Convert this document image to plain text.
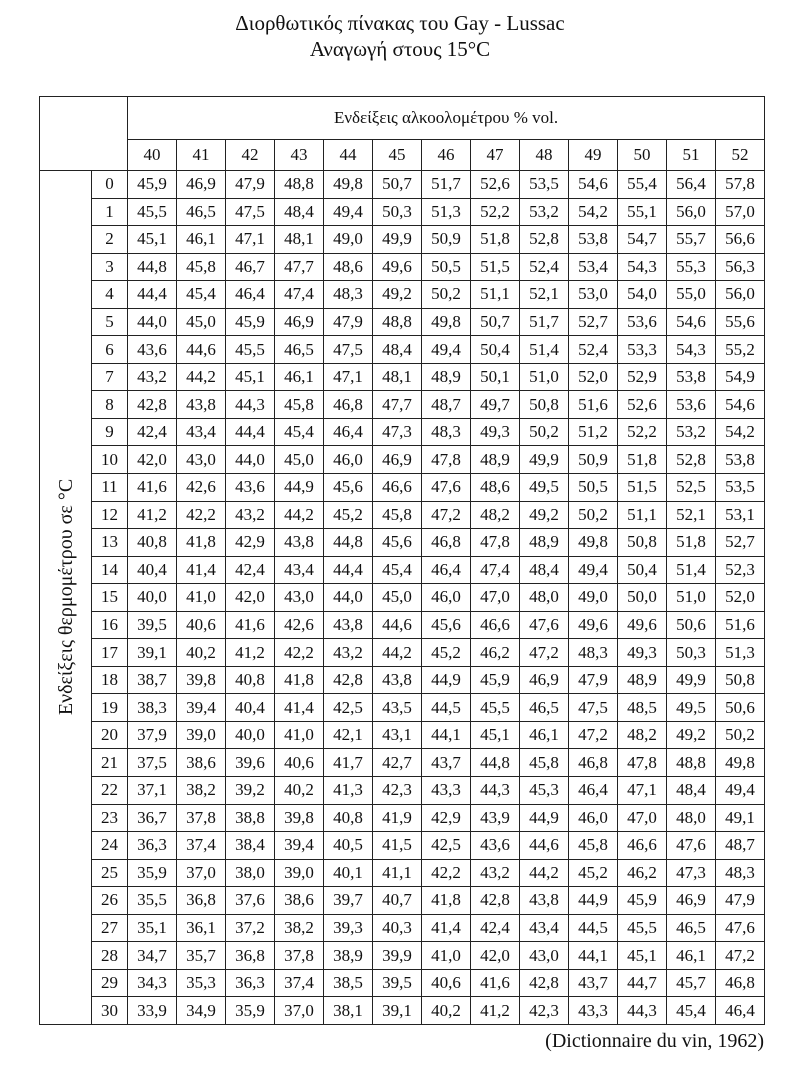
Διορθωτικός πίνακας του Gay - Lussac
Αναγωγή στους 15°C
		Ενδείξεις αλκοολομέτρου % vol.												
		40	41	42	43	44	45	46	47	48	49	50	51	52

Ενδείξεις θερμομέτρου σε °C	0	45,9	46,9	47,9	48,8	49,8	50,7	51,7	52,6	53,5	54,6	55,4	56,4	57,8
	1	45,5	46,5	47,5	48,4	49,4	50,3	51,3	52,2	53,2	54,2	55,1	56,0	57,0
	2	45,1	46,1	47,1	48,1	49,0	49,9	50,9	51,8	52,8	53,8	54,7	55,7	56,6
	3	44,8	45,8	46,7	47,7	48,6	49,6	50,5	51,5	52,4	53,4	54,3	55,3	56,3
	4	44,4	45,4	46,4	47,4	48,3	49,2	50,2	51,1	52,1	53,0	54,0	55,0	56,0
	5	44,0	45,0	45,9	46,9	47,9	48,8	49,8	50,7	51,7	52,7	53,6	54,6	55,6
	6	43,6	44,6	45,5	46,5	47,5	48,4	49,4	50,4	51,4	52,4	53,3	54,3	55,2
	7	43,2	44,2	45,1	46,1	47,1	48,1	48,9	50,1	51,0	52,0	52,9	53,8	54,9
	8	42,8	43,8	44,3	45,8	46,8	47,7	48,7	49,7	50,8	51,6	52,6	53,6	54,6
	9	42,4	43,4	44,4	45,4	46,4	47,3	48,3	49,3	50,2	51,2	52,2	53,2	54,2
	10	42,0	43,0	44,0	45,0	46,0	46,9	47,8	48,9	49,9	50,9	51,8	52,8	53,8
	11	41,6	42,6	43,6	44,9	45,6	46,6	47,6	48,6	49,5	50,5	51,5	52,5	53,5
	12	41,2	42,2	43,2	44,2	45,2	45,8	47,2	48,2	49,2	50,2	51,1	52,1	53,1
	13	40,8	41,8	42,9	43,8	44,8	45,6	46,8	47,8	48,9	49,8	50,8	51,8	52,7
	14	40,4	41,4	42,4	43,4	44,4	45,4	46,4	47,4	48,4	49,4	50,4	51,4	52,3
	15	40,0	41,0	42,0	43,0	44,0	45,0	46,0	47,0	48,0	49,0	50,0	51,0	52,0
	16	39,5	40,6	41,6	42,6	43,8	44,6	45,6	46,6	47,6	49,6	49,6	50,6	51,6
	17	39,1	40,2	41,2	42,2	43,2	44,2	45,2	46,2	47,2	48,3	49,3	50,3	51,3
	18	38,7	39,8	40,8	41,8	42,8	43,8	44,9	45,9	46,9	47,9	48,9	49,9	50,8
	19	38,3	39,4	40,4	41,4	42,5	43,5	44,5	45,5	46,5	47,5	48,5	49,5	50,6
	20	37,9	39,0	40,0	41,0	42,1	43,1	44,1	45,1	46,1	47,2	48,2	49,2	50,2
	21	37,5	38,6	39,6	40,6	41,7	42,7	43,7	44,8	45,8	46,8	47,8	48,8	49,8
	22	37,1	38,2	39,2	40,2	41,3	42,3	43,3	44,3	45,3	46,4	47,1	48,4	49,4
	23	36,7	37,8	38,8	39,8	40,8	41,9	42,9	43,9	44,9	46,0	47,0	48,0	49,1
	24	36,3	37,4	38,4	39,4	40,5	41,5	42,5	43,6	44,6	45,8	46,6	47,6	48,7
	25	35,9	37,0	38,0	39,0	40,1	41,1	42,2	43,2	44,2	45,2	46,2	47,3	48,3
	26	35,5	36,8	37,6	38,6	39,7	40,7	41,8	42,8	43,8	44,9	45,9	46,9	47,9
	27	35,1	36,1	37,2	38,2	39,3	40,3	41,4	42,4	43,4	44,5	45,5	46,5	47,6
	28	34,7	35,7	36,8	37,8	38,9	39,9	41,0	42,0	43,0	44,1	45,1	46,1	47,2
	29	34,3	35,3	36,3	37,4	38,5	39,5	40,6	41,6	42,8	43,7	44,7	45,7	46,8
	30	33,9	34,9	35,9	37,0	38,1	39,1	40,2	41,2	42,3	43,3	44,3	45,4	46,4
(Dictionnaire du vin, 1962)
